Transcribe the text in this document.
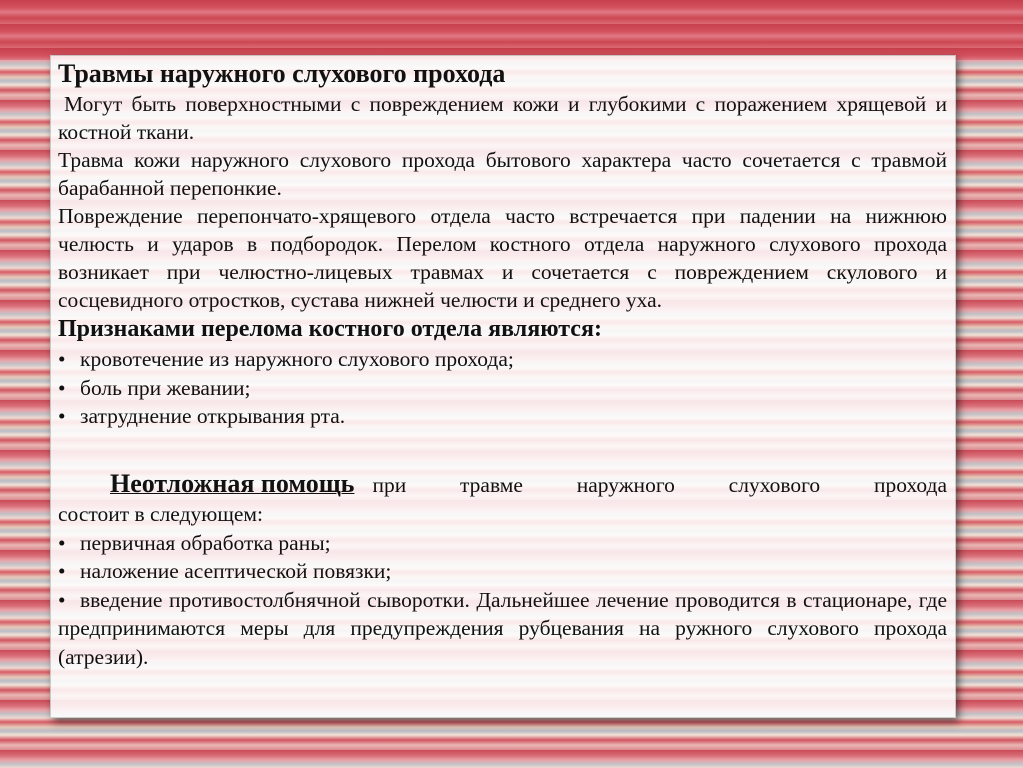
Травмы наружного слухового прохода

Могут быть поверхностными с повреждением кожи и глубокими с поражением хрящевой и костной ткани.

Травма кожи наружного слухового прохода бытового характера часто сочетается с травмой барабанной перепонкие.

Повреждение перепончато-хрящевого отдела часто встречается при падении на нижнюю челюсть и ударов в подбородок. Перелом костного отдела наружного слухового прохода возникает при челюстно-лицевых травмах и сочетается с повреждением скулового и сосцевидного отростков, сустава нижней челюсти и среднего уха.

Признаками перелома костного отдела являются:
• кровотечение из наружного слухового прохода;
• боль при жевании;
• затруднение открывания рта.
Неотложная помощь при травме наружного слухового прохода
состоит в следующем:
• первичная обработка раны;
• наложение асептической повязки;
• введение противостолбнячной сыворотки. Дальнейшее лечение проводится в стационаре, где предпринимаются меры для предупреждения рубцевания на ружного слухового прохода (атрезии).
